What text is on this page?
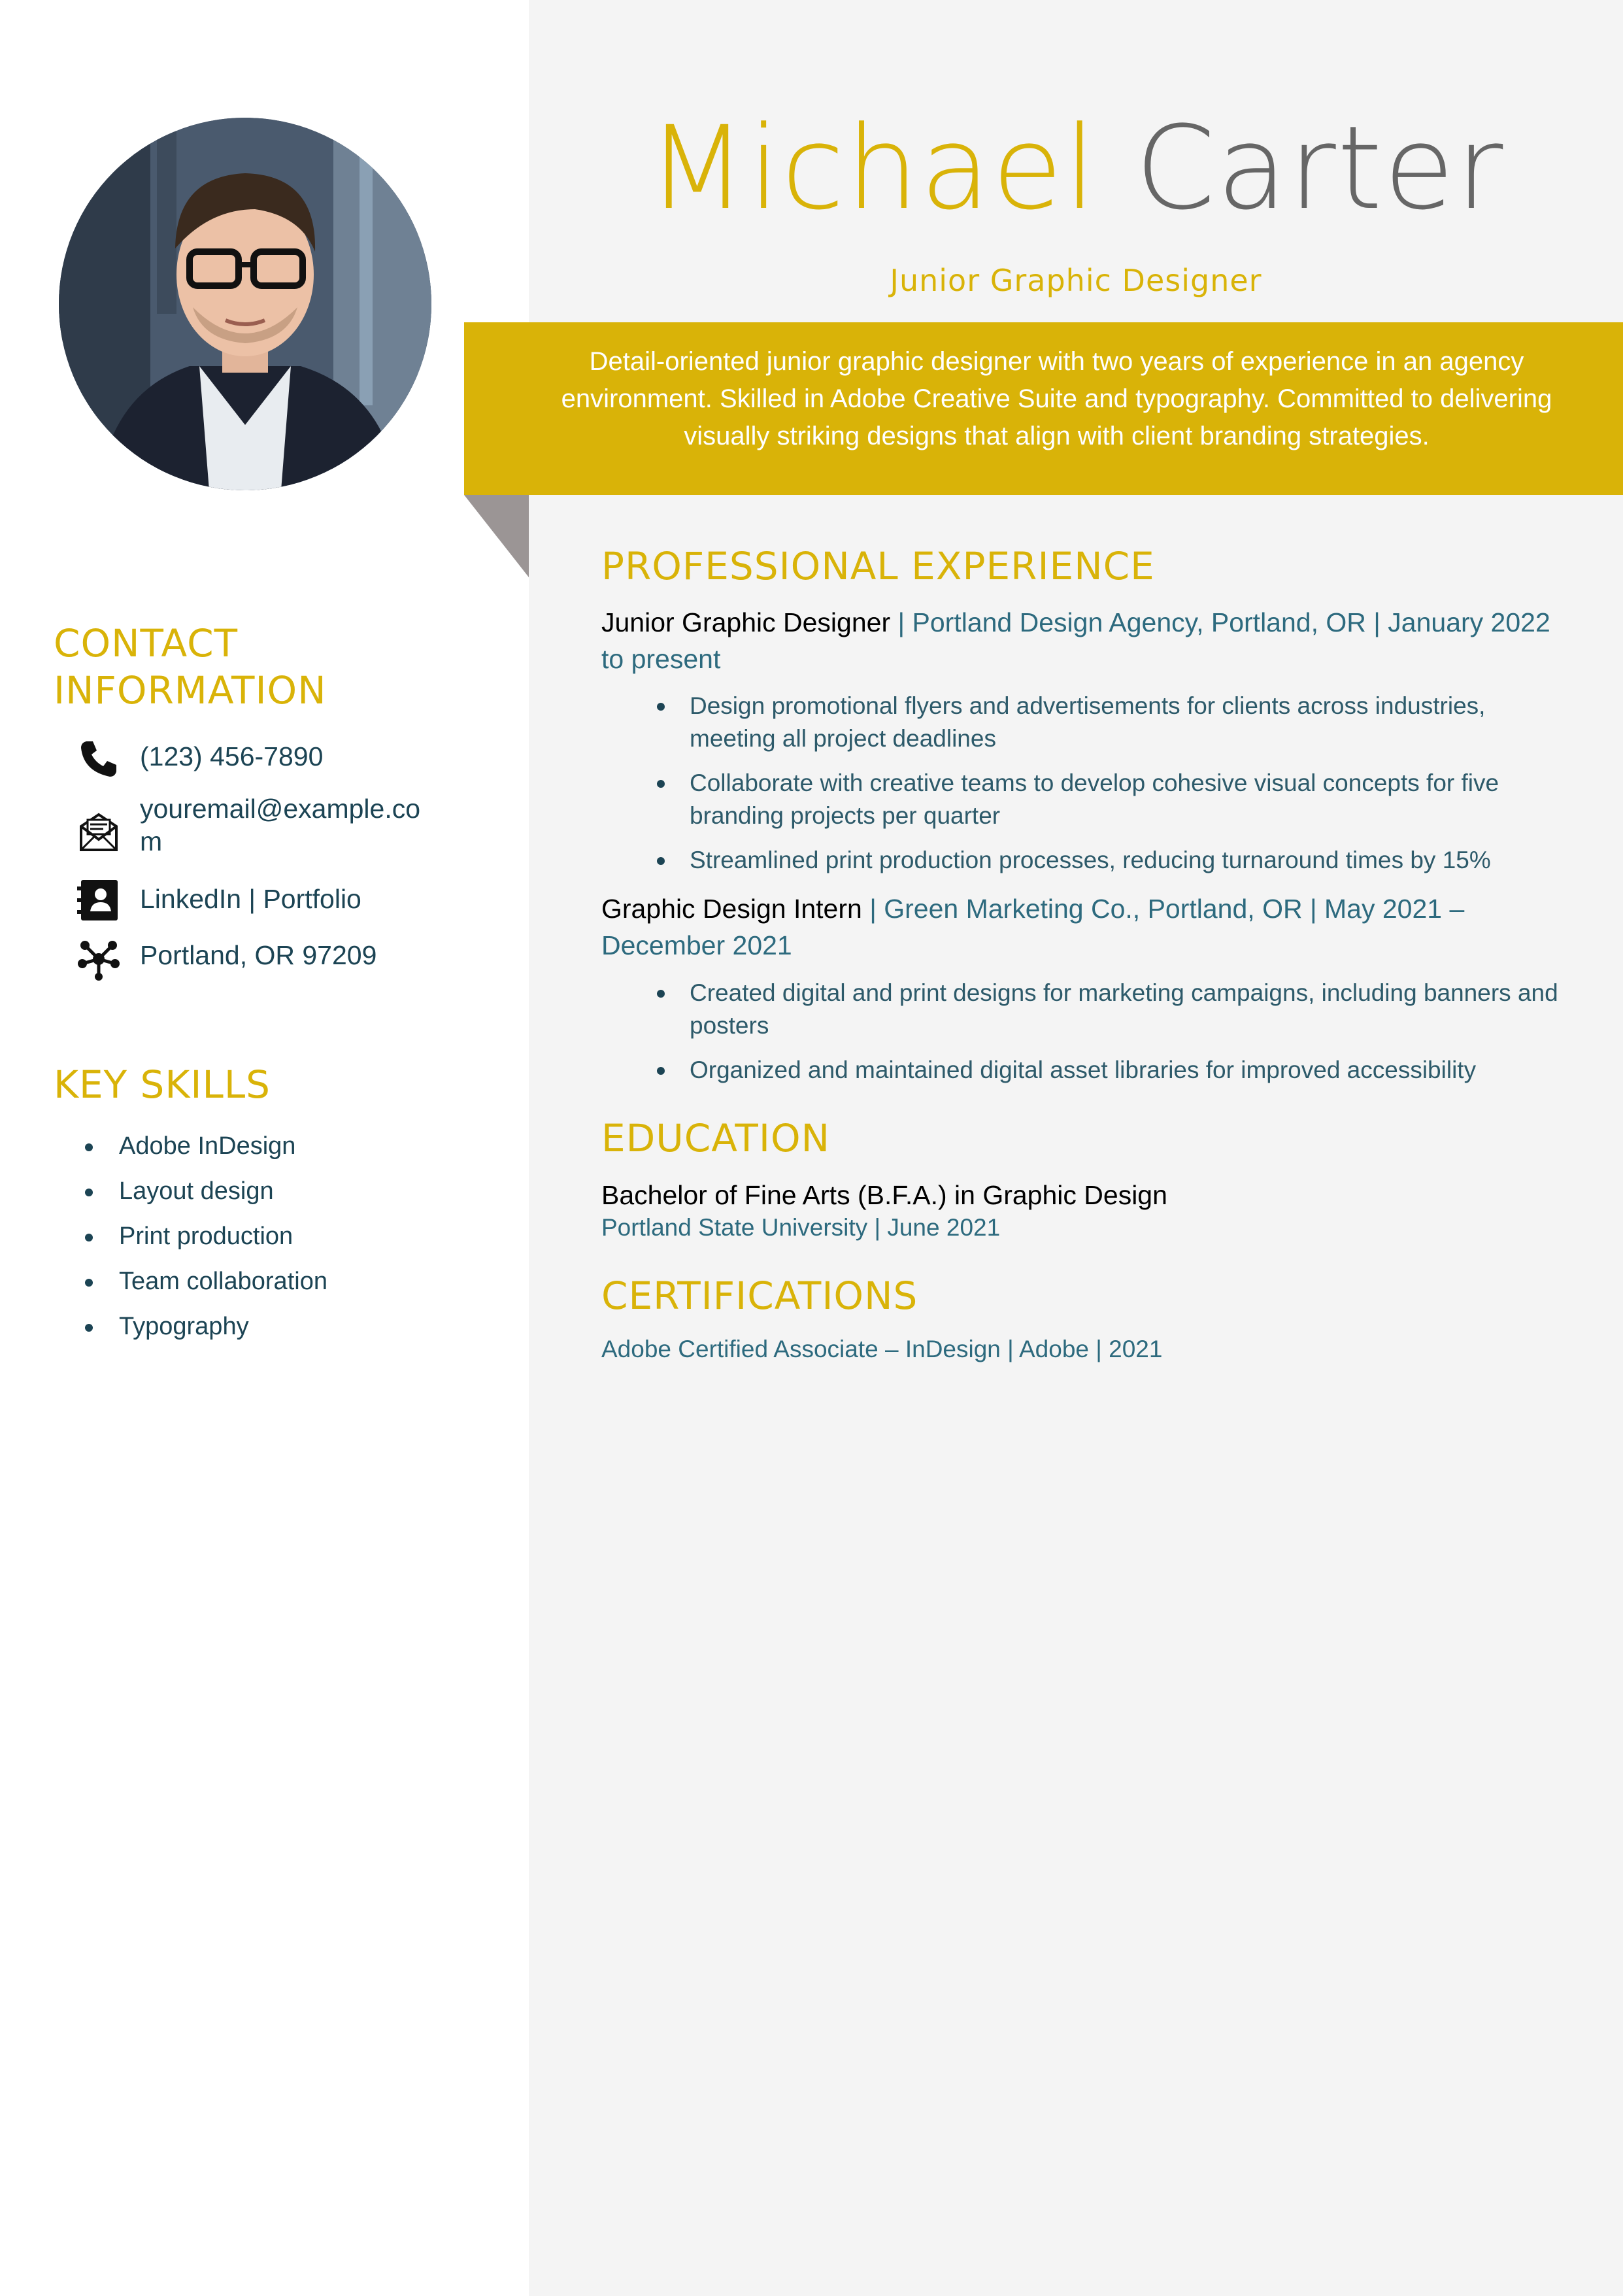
Michael Carter
Junior Graphic Designer
Detail-oriented junior graphic designer with two years of experience in an agency environment. Skilled in Adobe Creative Suite and typography. Committed to delivering visually striking designs that align with client branding strategies.
CONTACT INFORMATION
(123) 456-7890
youremail@example.com
LinkedIn | Portfolio
Portland, OR 97209
KEY SKILLS
Adobe InDesign
Layout design
Print production
Team collaboration
Typography
PROFESSIONAL EXPERIENCE
Junior Graphic Designer | Portland Design Agency, Portland, OR | January 2022 to present
Design promotional flyers and advertisements for clients across industries, meeting all project deadlines
Collaborate with creative teams to develop cohesive visual concepts for five branding projects per quarter
Streamlined print production processes, reducing turnaround times by 15%
Graphic Design Intern | Green Marketing Co., Portland, OR | May 2021 – December 2021
Created digital and print designs for marketing campaigns, including banners and posters
Organized and maintained digital asset libraries for improved accessibility
EDUCATION
Bachelor of Fine Arts (B.F.A.) in Graphic Design
Portland State University | June 2021
CERTIFICATIONS
Adobe Certified Associate – InDesign | Adobe | 2021
